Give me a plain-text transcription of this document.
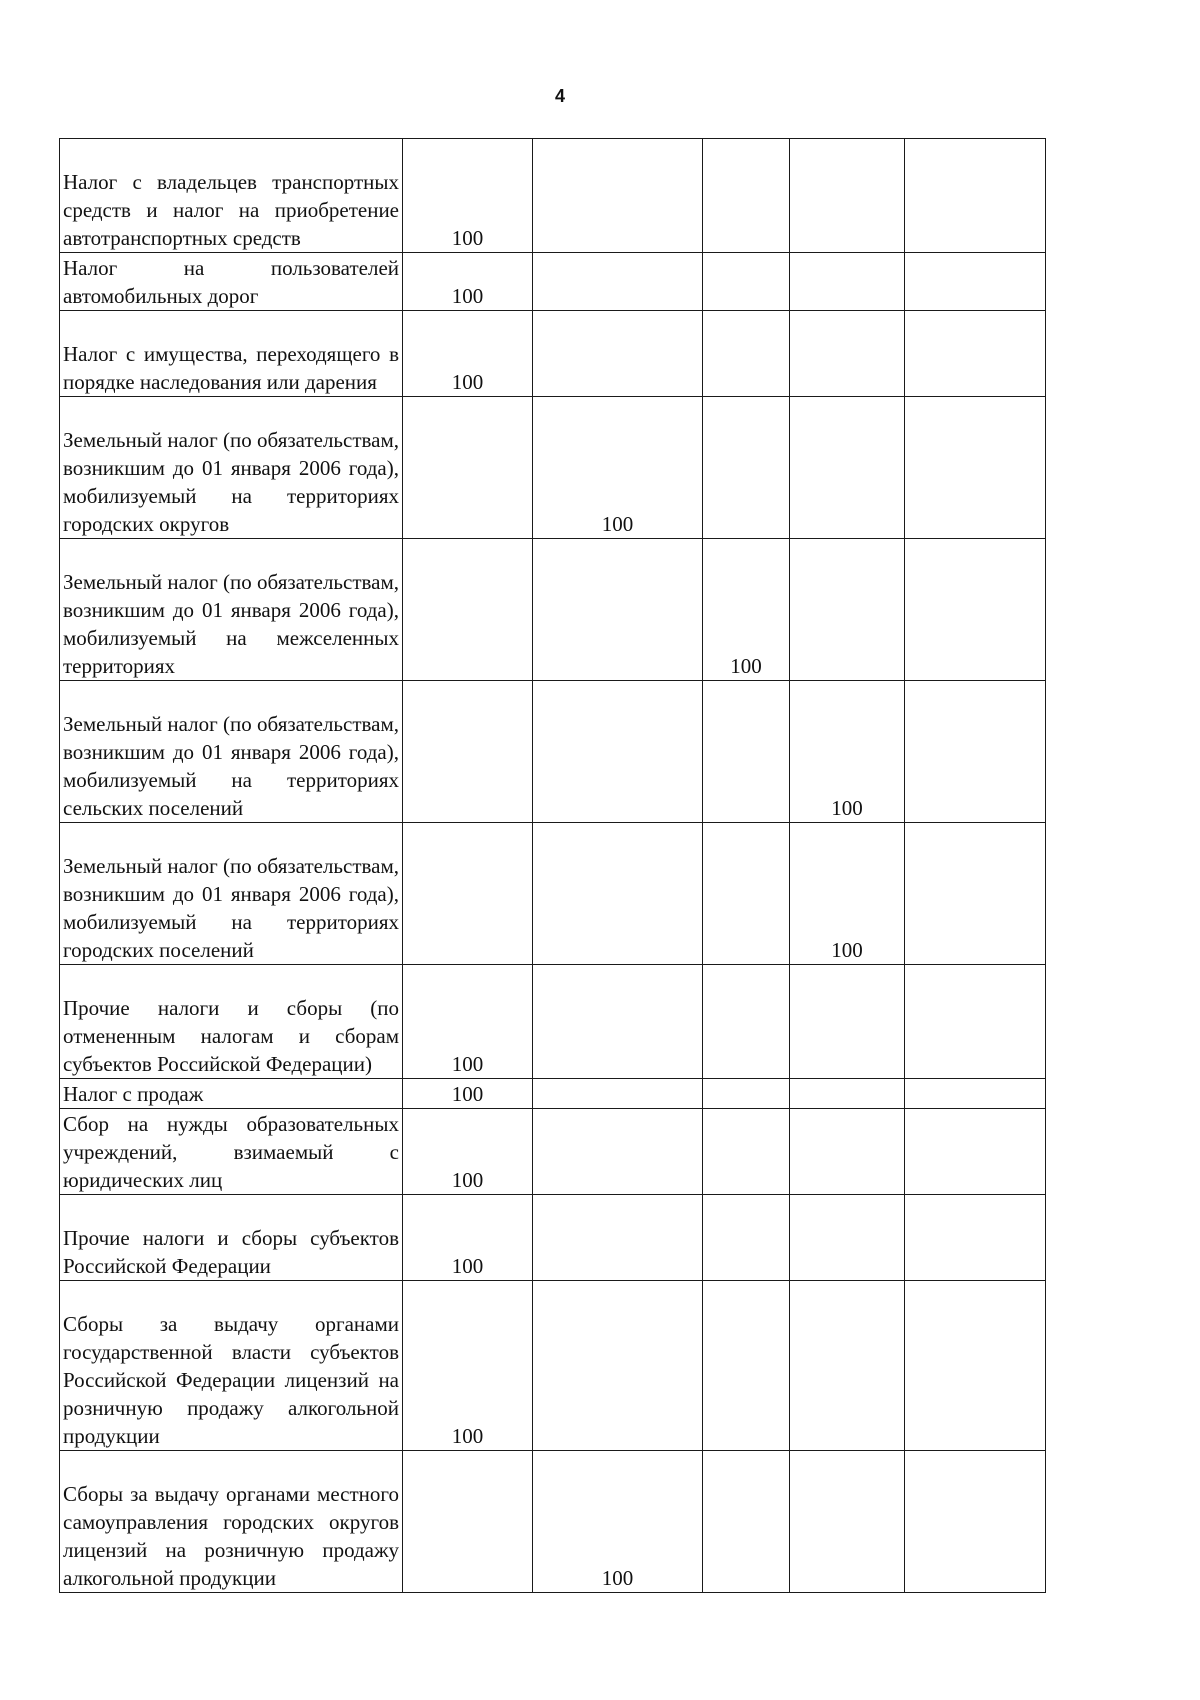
4
Налог с владельцев транспортных средств и налог на приобретение автотранспортных средств	100				
Налог на пользователей автомобильных дорог	100				
Налог с имущества, переходящего в порядке наследования или дарения	100				
Земельный налог (по обязательствам, возникшим до 01 января 2006 года), мобилизуемый на территориях городских округов		100			
Земельный налог (по обязательствам, возникшим до 01 января 2006 года), мобилизуемый на межселенных территориях			100		
Земельный налог (по обязательствам, возникшим до 01 января 2006 года), мобилизуемый на территориях сельских поселений				100	
Земельный налог (по обязательствам, возникшим до 01 января 2006 года), мобилизуемый на территориях городских поселений				100	
Прочие налоги и сборы (по отмененным налогам и сборам субъектов Российской Федерации)	100				
Налог с продаж	100				
Сбор на нужды образовательных учреждений, взимаемый с юридических лиц	100				
Прочие налоги и сборы субъектов Российской Федерации	100				
Сборы за выдачу органами государственной власти субъектов Российской Федерации лицензий на розничную продажу алкогольной продукции	100				
Сборы за выдачу органами местного самоуправления городских округов лицензий на розничную продажу алкогольной продукции		100			
